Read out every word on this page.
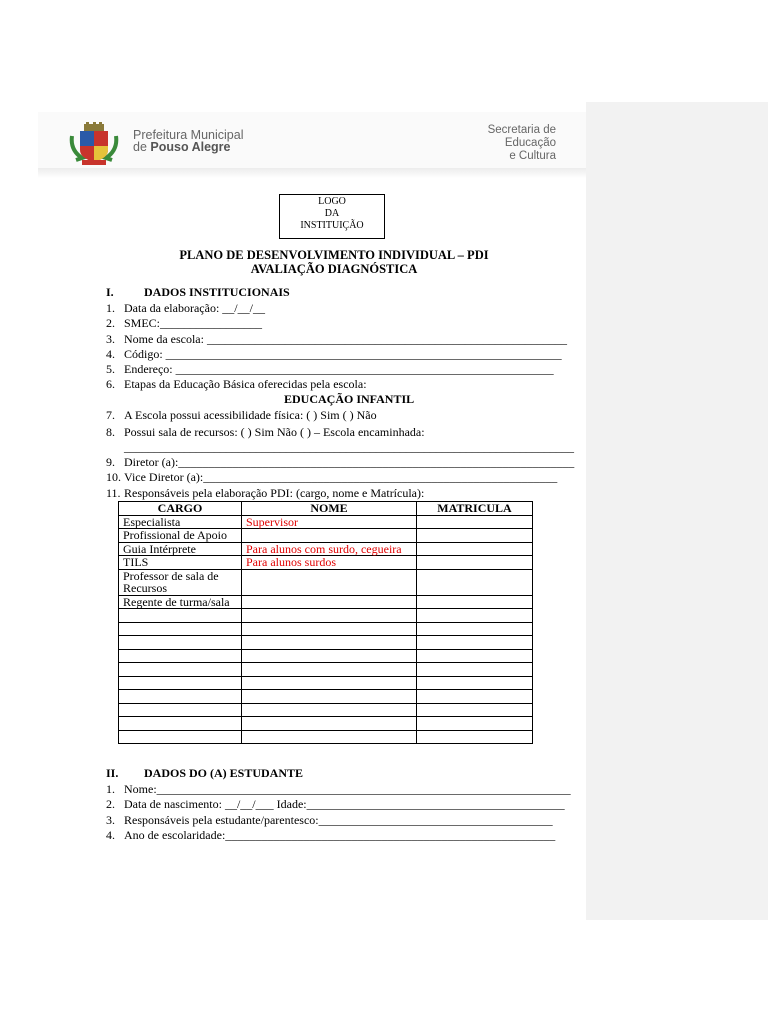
Prefeitura Municipal
de Pouso Alegre
Secretaria de
Educação
e Cultura
LOGO
DA
INSTITUIÇÃO
PLANO DE DESENVOLVIMENTO INDIVIDUAL – PDI
AVALIAÇÃO DIAGNÓSTICA
I.	DADOS INSTITUCIONAIS
1. Data da elaboração: __/__/__
2. SMEC:_________________
3. Nome da escola: ____________________________________________________________
4. Código: __________________________________________________________________
5. Endereço: _______________________________________________________________
6. Etapas da Educação Básica oferecidas pela escola:
EDUCAÇÃO INFANTIL
7. A Escola possui acessibilidade física: ( ) Sim ( ) Não
8. Possui sala de recursos: ( ) Sim Não ( ) – Escola encaminhada:
___________________________________________________________________________
9. Diretor (a):__________________________________________________________________
10. Vice Diretor (a):___________________________________________________________
11. Responsáveis pela elaboração PDI: (cargo, nome e Matrícula):
CARGO	NOME	MATRICULA
Especialista	Supervisor	
Profissional de Apoio		
Guia Intérprete	Para alunos com surdo, cegueira	
TILS	Para alunos surdos	
Professor de sala de Recursos		
Regente de turma/sala		

II. DADOS DO (A) ESTUDANTE
1. Nome:_____________________________________________________________________
2. Data de nascimento: __/__/___ Idade:___________________________________________
3. Responsáveis pela estudante/parentesco:_______________________________________
4. Ano de escolaridade:_______________________________________________________
